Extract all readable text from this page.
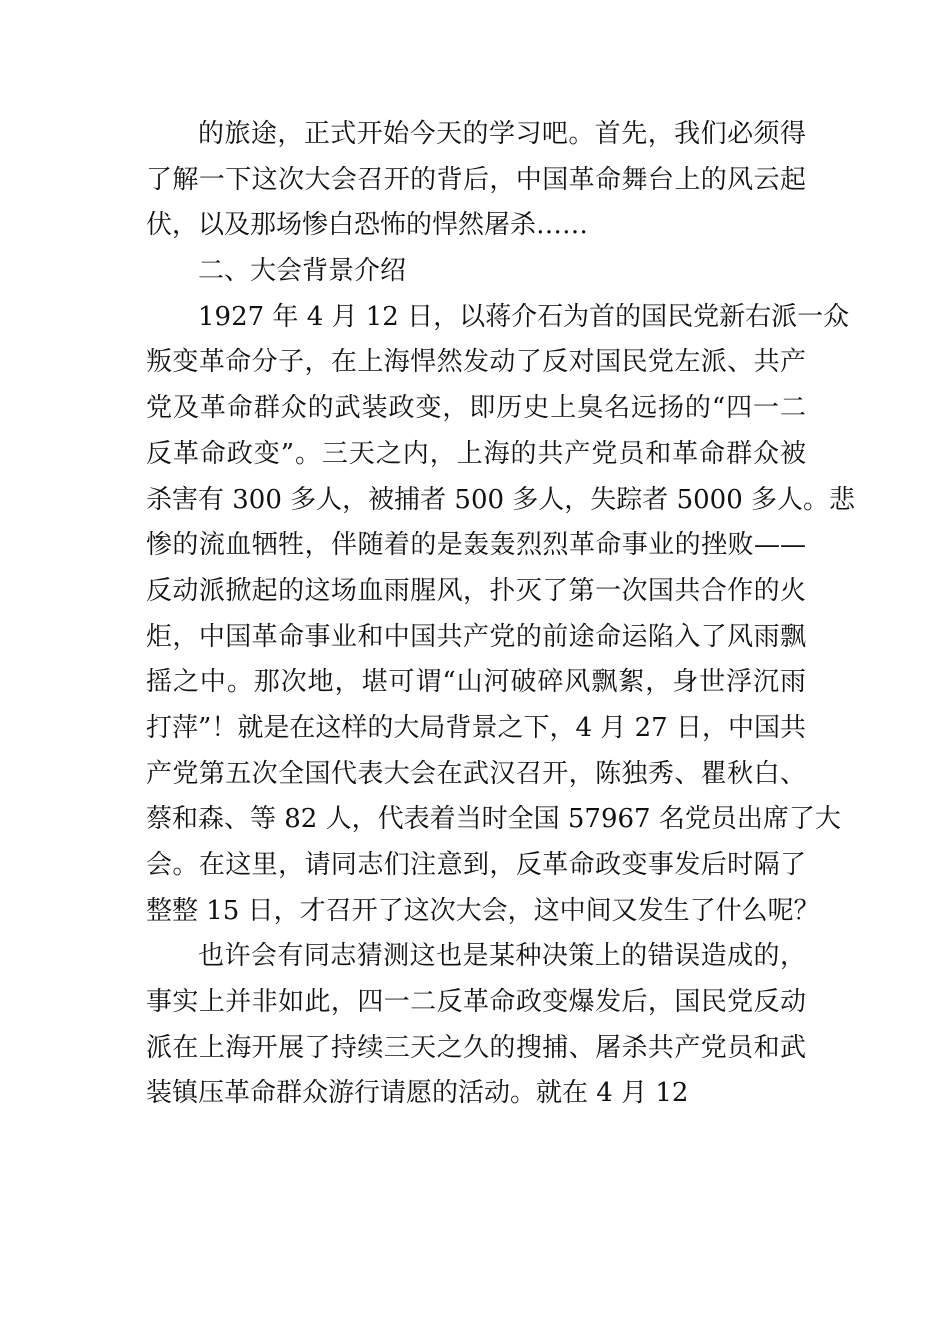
的旅途，正式开始今天的学习吧。首先，我们必须得
了解一下这次大会召开的背后，中国革命舞台上的风云起
伏，以及那场惨白恐怖的悍然屠杀……
二、大会背景介绍
1927 年 4 月 12 日，以蒋介石为首的国民党新右派一众
叛变革命分子，在上海悍然发动了反对国民党左派、共产
党及革命群众的武装政变，即历史上臭名远扬的“四一二
反革命政变”。三天之内，上海的共产党员和革命群众被
杀害有 300 多人，被捕者 500 多人，失踪者 5000 多人。悲
惨的流血牺牲，伴随着的是轰轰烈烈革命事业的挫败——
反动派掀起的这场血雨腥风，扑灭了第一次国共合作的火
炬，中国革命事业和中国共产党的前途命运陷入了风雨飘
摇之中。那次地，堪可谓“山河破碎风飘絮，身世浮沉雨
打萍”！就是在这样的大局背景之下，4 月 27 日，中国共
产党第五次全国代表大会在武汉召开，陈独秀、瞿秋白、
蔡和森、等 82 人，代表着当时全国 57967 名党员出席了大
会。在这里，请同志们注意到，反革命政变事发后时隔了
整整 15 日，才召开了这次大会，这中间又发生了什么呢？
也许会有同志猜测这也是某种决策上的错误造成的，
事实上并非如此，四一二反革命政变爆发后，国民党反动
派在上海开展了持续三天之久的搜捕、屠杀共产党员和武
装镇压革命群众游行请愿的活动。就在 4 月 12
